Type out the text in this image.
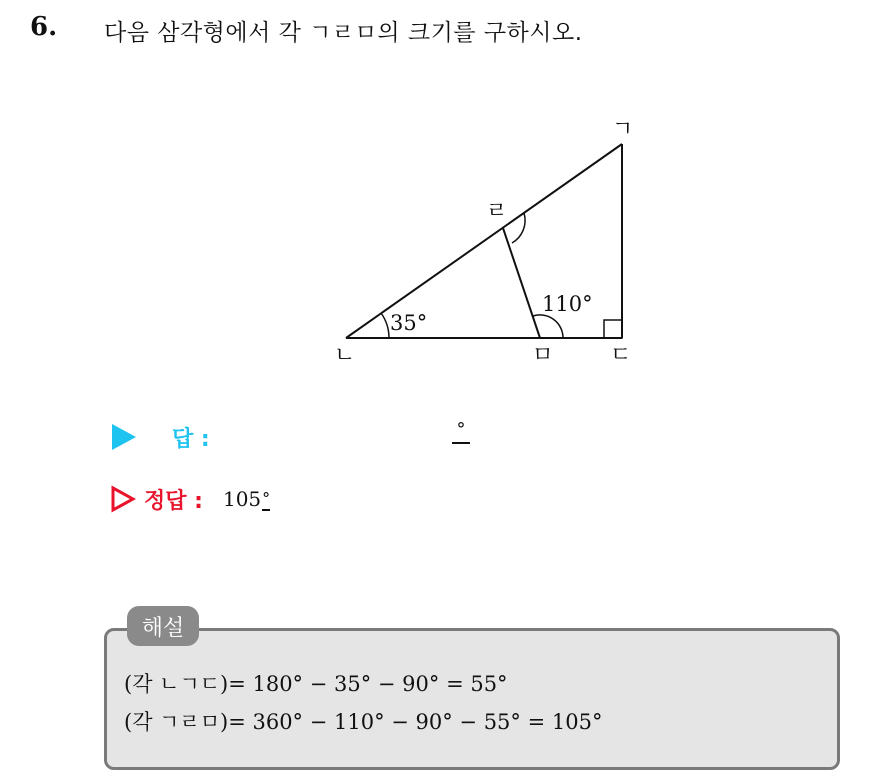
6. 다음 삼각형에서 각 ㄱㄹㅁ의 크기를 구하시오.
ㄱ
ㄴ	ㄷ
ㄹ
ㅁ
35°
110°
답 :	°
정답 : 105°
해설
(각 ㄴㄱㄷ)= 180° − 35° − 90° = 55°
(각 ㄱㄹㅁ)= 360° − 110° − 90° − 55° = 105°
